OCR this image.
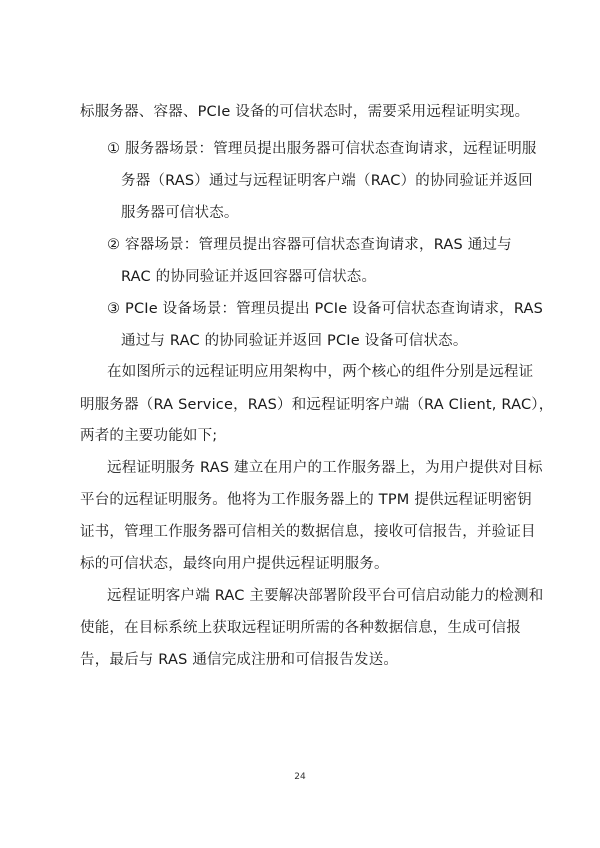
标服务器、容器、PCIe 设备的可信状态时，需要采用远程证明实现。
① 服务器场景：管理员提出服务器可信状态查询请求，远程证明服
务器（RAS）通过与远程证明客户端（RAC）的协同验证并返回
服务器可信状态。
② 容器场景：管理员提出容器可信状态查询请求，RAS 通过与
RAC 的协同验证并返回容器可信状态。
③ PCIe 设备场景：管理员提出 PCIe 设备可信状态查询请求，RAS
通过与 RAC 的协同验证并返回 PCIe 设备可信状态。
在如图所示的远程证明应用架构中，两个核心的组件分别是远程证
明服务器（RA Service，RAS）和远程证明客户端（RA Client, RAC），
两者的主要功能如下;
远程证明服务 RAS 建立在用户的工作服务器上，为用户提供对目标
平台的远程证明服务。他将为工作服务器上的 TPM 提供远程证明密钥
证书，管理工作服务器可信相关的数据信息，接收可信报告，并验证目
标的可信状态，最终向用户提供远程证明服务。
远程证明客户端 RAC 主要解决部署阶段平台可信启动能力的检测和
使能，在目标系统上获取远程证明所需的各种数据信息，生成可信报
告，最后与 RAS 通信完成注册和可信报告发送。
24
